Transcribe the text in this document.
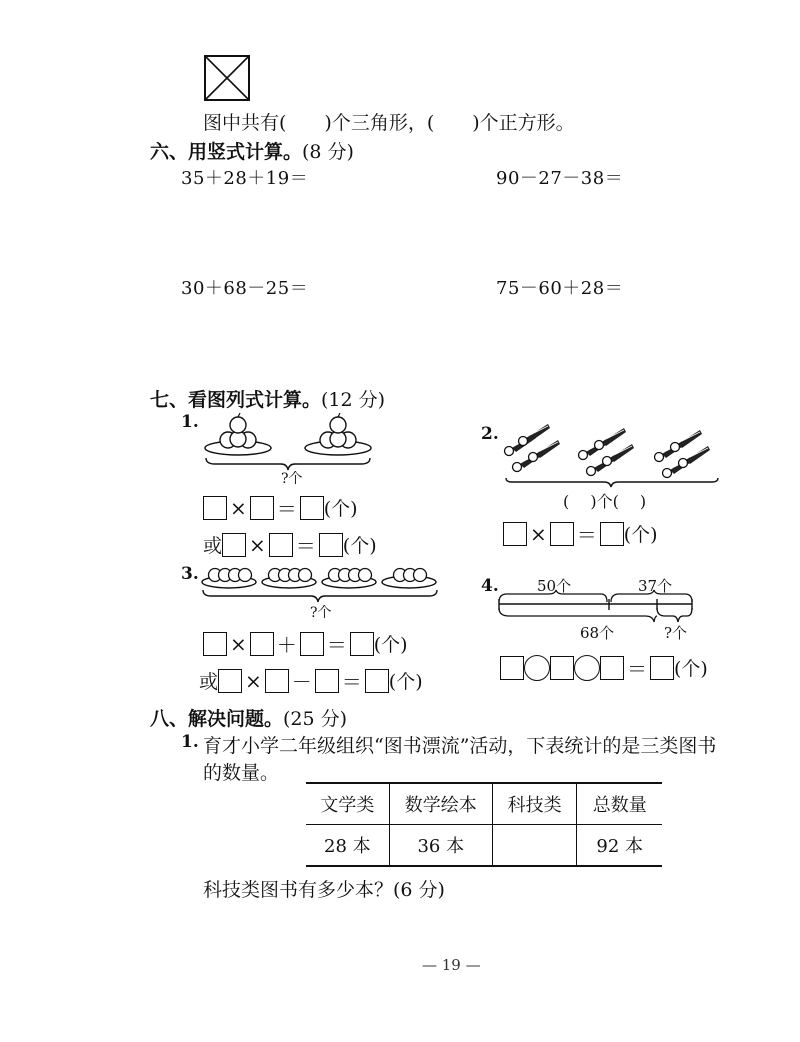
图中共有(　　)个三角形，(　　)个正方形。
六、用竖式计算。(8 分)
35＋28＋19＝	90－27－38＝
30＋68－25＝	75－60＋28＝
七、看图列式计算。(12 分)
1.
?个
× ＝ (个)
或 × ＝ (个)
3.
?个
× ＋ ＝ (个)
或 × － ＝ (个)
2.
(　 )个(　 )
× ＝ (个)
4.	50个	37个
68个	?个
＝ (个)
八、解决问题。(25 分)
1. 育才小学二年级组织“图书漂流”活动，下表统计的是三类图书
的数量。
文学类	数学绘本	科技类	总数量
28 本	36 本		92 本
科技类图书有多少本？(6 分)
— 19 —
